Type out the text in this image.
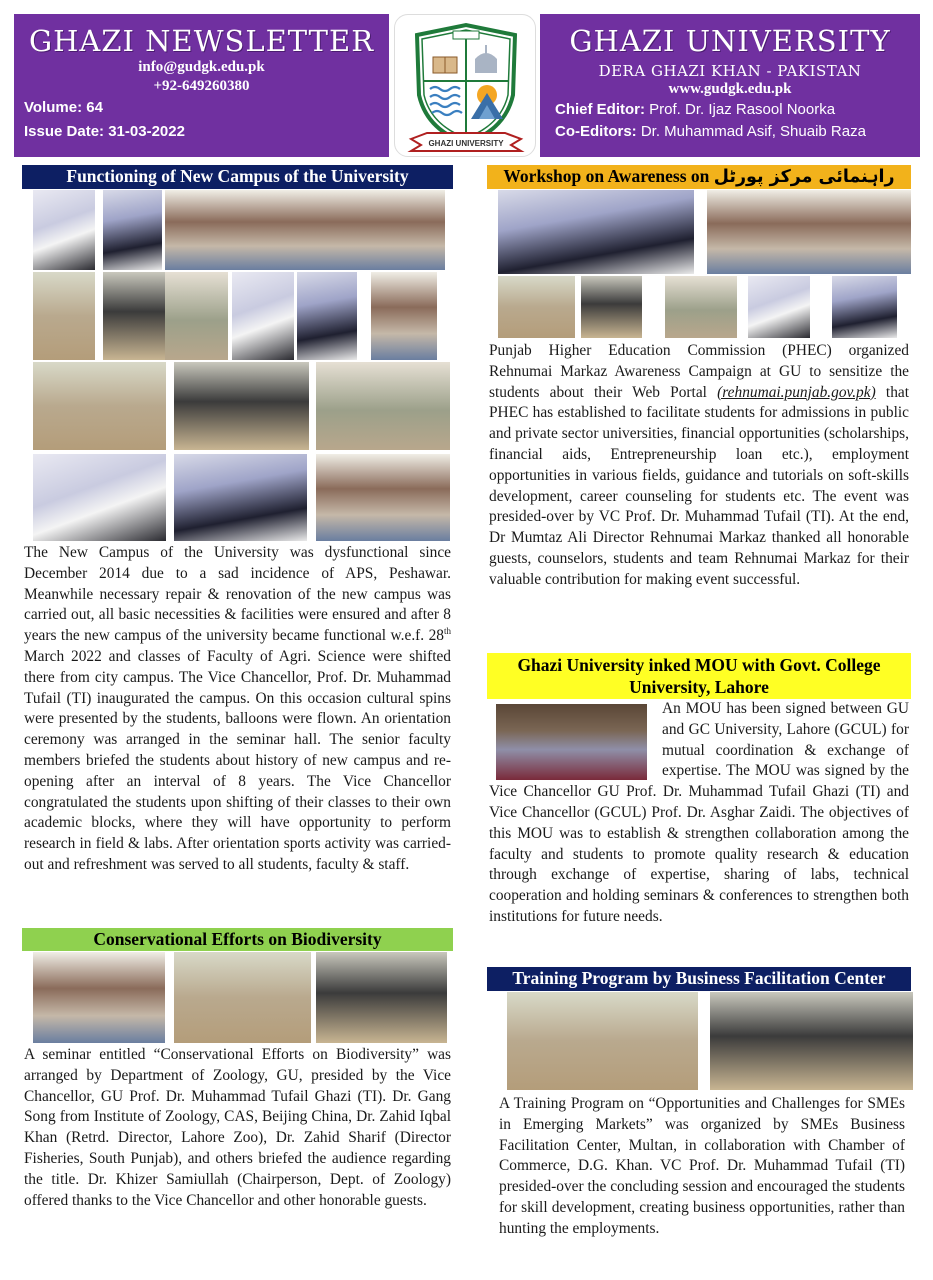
GHAZI NEWSLETTER
info@gudgk.edu.pk
+92-649260380
Volume: 64
Issue Date: 31-03-2022
GHAZI UNIVERSITY
GHAZI UNIVERSITY
DERA GHAZI KHAN - PAKISTAN
www.gudgk.edu.pk
Chief Editor: Prof. Dr. Ijaz Rasool Noorka
Co-Editors: Dr. Muhammad Asif, Shuaib Raza
Functioning of New Campus of the University
The New Campus of the University was dysfunctional since December 2014 due to a sad incidence of APS, Peshawar. Meanwhile necessary repair & renovation of the new campus was carried out, all basic necessities & facilities were ensured and after 8 years the new campus of the university became functional w.e.f. 28th March 2022 and classes of Faculty of Agri. Science were shifted there from city campus. The Vice Chancellor, Prof. Dr. Muhammad Tufail (TI) inaugurated the campus. On this occasion cultural spins were presented by the students, balloons were flown. An orientation ceremony was arranged in the seminar hall. The senior faculty members briefed the students about history of new campus and re-opening after an interval of 8 years. The Vice Chancellor congratulated the students upon shifting of their classes to their own academic blocks, where they will have opportunity to perform research in field & labs. After orientation sports activity was carried-out and refreshment was served to all students, faculty & staff.
Conservational Efforts on Biodiversity
A seminar entitled “Conservational Efforts on Biodiversity” was arranged by Department of Zoology, GU, presided by the Vice Chancellor, GU Prof. Dr. Muhammad Tufail Ghazi (TI). Dr. Gang Song from Institute of Zoology, CAS, Beijing China, Dr. Zahid Iqbal Khan (Retrd. Director, Lahore Zoo), Dr. Zahid Sharif (Director Fisheries, South Punjab), and others briefed the audience regarding the title. Dr. Khizer Samiullah (Chairperson, Dept. of Zoology) offered thanks to the Vice Chancellor and other honorable guests.
Workshop on Awareness on راہنمائی مرکز پورٹل
Punjab Higher Education Commission (PHEC) organized Rehnumai Markaz Awareness Campaign at GU to sensitize the students about their Web Portal (rehnumai.punjab.gov.pk) that PHEC has established to facilitate students for admissions in public and private sector universities, financial opportunities (scholarships, financial aids, Entrepreneurship loan etc.), employment opportunities in various fields, guidance and tutorials on soft-skills development, career counseling for students etc. The event was presided-over by VC Prof. Dr. Muhammad Tufail (TI). At the end, Dr Mumtaz Ali Director Rehnumai Markaz thanked all honorable guests, counselors, students and team Rehnumai Markaz for their valuable contribution for making event successful.
Ghazi University inked MOU with Govt. College University, Lahore
An MOU has been signed between GU and GC University, Lahore (GCUL) for mutual coordination & exchange of expertise. The MOU was signed by the Vice Chancellor GU Prof. Dr. Muhammad Tufail Ghazi (TI) and Vice Chancellor (GCUL) Prof. Dr. Asghar Zaidi. The objectives of this MOU was to establish & strengthen collaboration among the faculty and students to promote quality research & education through exchange of expertise, sharing of labs, technical cooperation and holding seminars & conferences to strengthen both institutions for future needs.
Training Program by Business Facilitation Center
A Training Program on “Opportunities and Challenges for SMEs in Emerging Markets” was organized by SMEs Business Facilitation Center, Multan, in collaboration with Chamber of Commerce, D.G. Khan. VC Prof. Dr. Muhammad Tufail (TI) presided-over the concluding session and encouraged the students for skill development, creating business opportunities, rather than hunting the employments.
